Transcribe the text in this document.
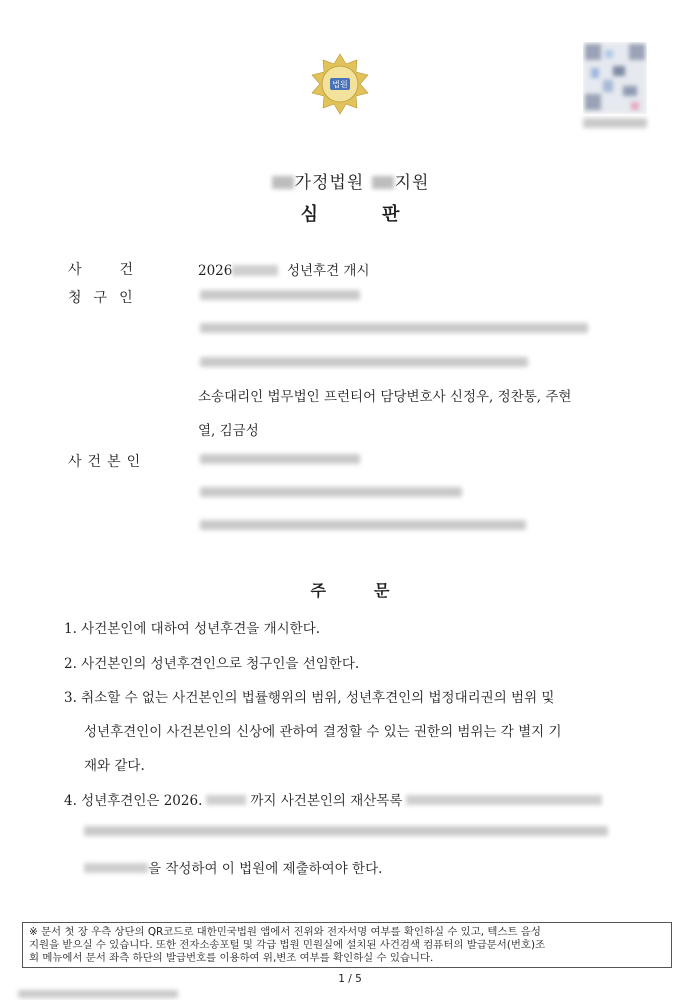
법원
가정법원 지원
심	판
사	건	2026	성년후견 개시
청 구 인
소송대리인 법무법인 프런티어 담당변호사 신정우, 정찬통, 주현
열, 김금성
사 건 본 인
주	문
1. 사건본인에 대하여 성년후견을 개시한다.
2. 사건본인의 성년후견인으로 청구인을 선임한다.
3. 취소할 수 없는 사건본인의 법률행위의 범위, 성년후견인의 법정대리권의 범위 및
성년후견인이 사건본인의 신상에 관하여 결정할 수 있는 권한의 범위는 각 별지 기
재와 같다.
4. 성년후견인은 2026.	까지 사건본인의 재산목록
을 작성하여 이 법원에 제출하여야 한다.
※ 문서 첫 장 우측 상단의 QR코드로 대한민국법원 앱에서 진위와 전자서명 여부를 확인하실 수 있고, 텍스트 음성
지원을 받으실 수 있습니다. 또한 전자소송포털 및 각급 법원 민원실에 설치된 사건검색 컴퓨터의 발급문서(번호)조
회 메뉴에서 문서 좌측 하단의 발급번호를 이용하여 위,변조 여부를 확인하실 수 있습니다.
1 / 5
